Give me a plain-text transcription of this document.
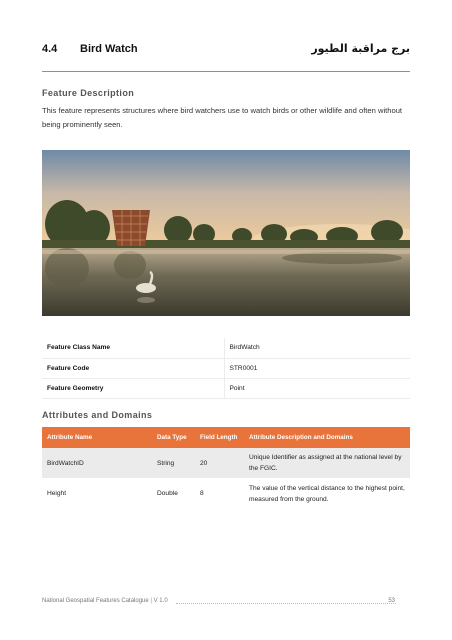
4.4 Bird Watch	برج مراقبة الطيور
Feature Description

This feature represents structures where bird watchers use to watch birds or other wildlife and often without being prominently seen.

Feature Class Name	BirdWatch
Feature Code	STR0001
Feature Geometry	Point
Attributes and Domains
Attribute Name	Data Type	Field Length	Attribute Description and Domains
BirdWatchID	String	20	Unique Identifier as assigned at the national level by the FGIC.
Height	Double	8	The value of the vertical distance to the highest point, measured from the ground.
National Geospatial Features Catalogue | V 1.0	53
